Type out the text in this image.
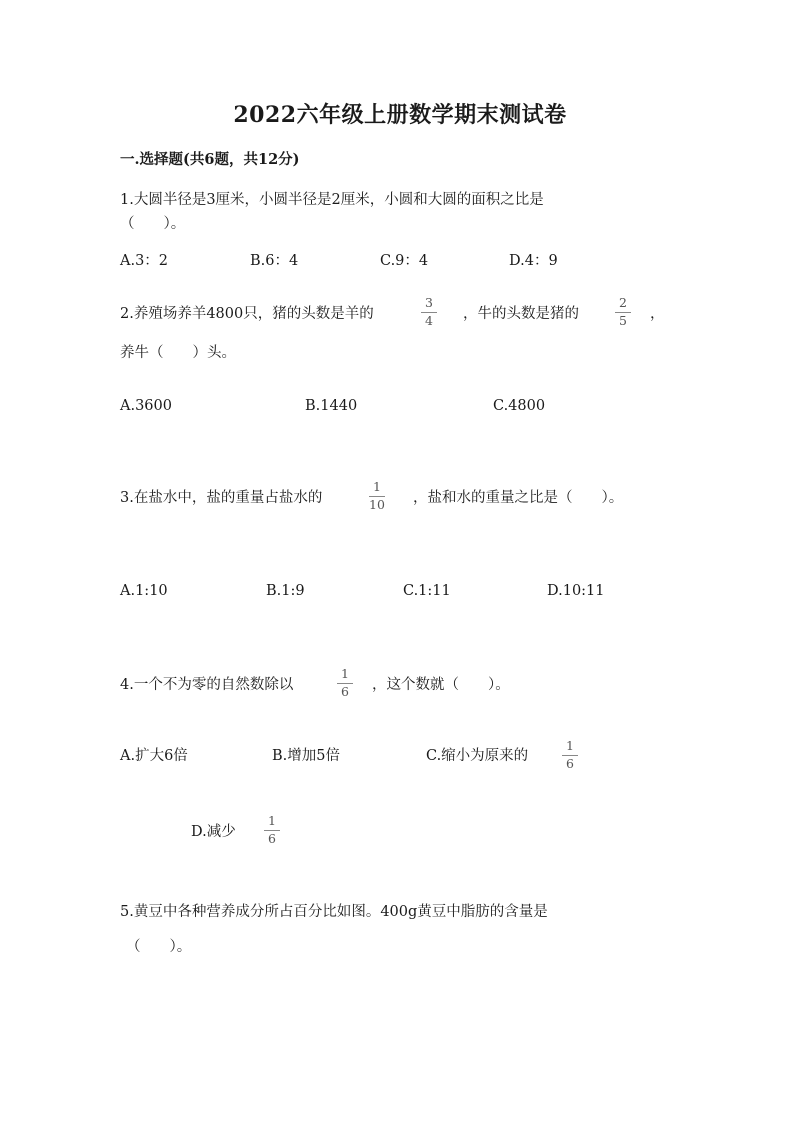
2022六年级上册数学期末测试卷
一.选择题(共6题，共12分)
1.大圆半径是3厘米，小圆半径是2厘米，小圆和大圆的面积之比是
（　　）。
A.3：2	B.6：4	C.9：4	D.4：9
2.养殖场养羊4800只，猪的头数是羊的	$\frac{3}{4}$ ，牛的头数是猪的	$\frac{2}{5}$ ，
养牛（　　）头。
A.3600	B.1440	C.4800
3.在盐水中，盐的重量占盐水的	$\frac{1}{10}$ ，盐和水的重量之比是（　　）。
A.1:10	B.1:9	C.1:11	D.10:11
4.一个不为零的自然数除以	$\frac{1}{6}$ ，这个数就（　　）。
A.扩大6倍	B.增加5倍	C.缩小为原来的	$\frac{1}{6}$
D.减少 $\frac{1}{6}$
5.黄豆中各种营养成分所占百分比如图。400g黄豆中脂肪的含量是
（　　）。
